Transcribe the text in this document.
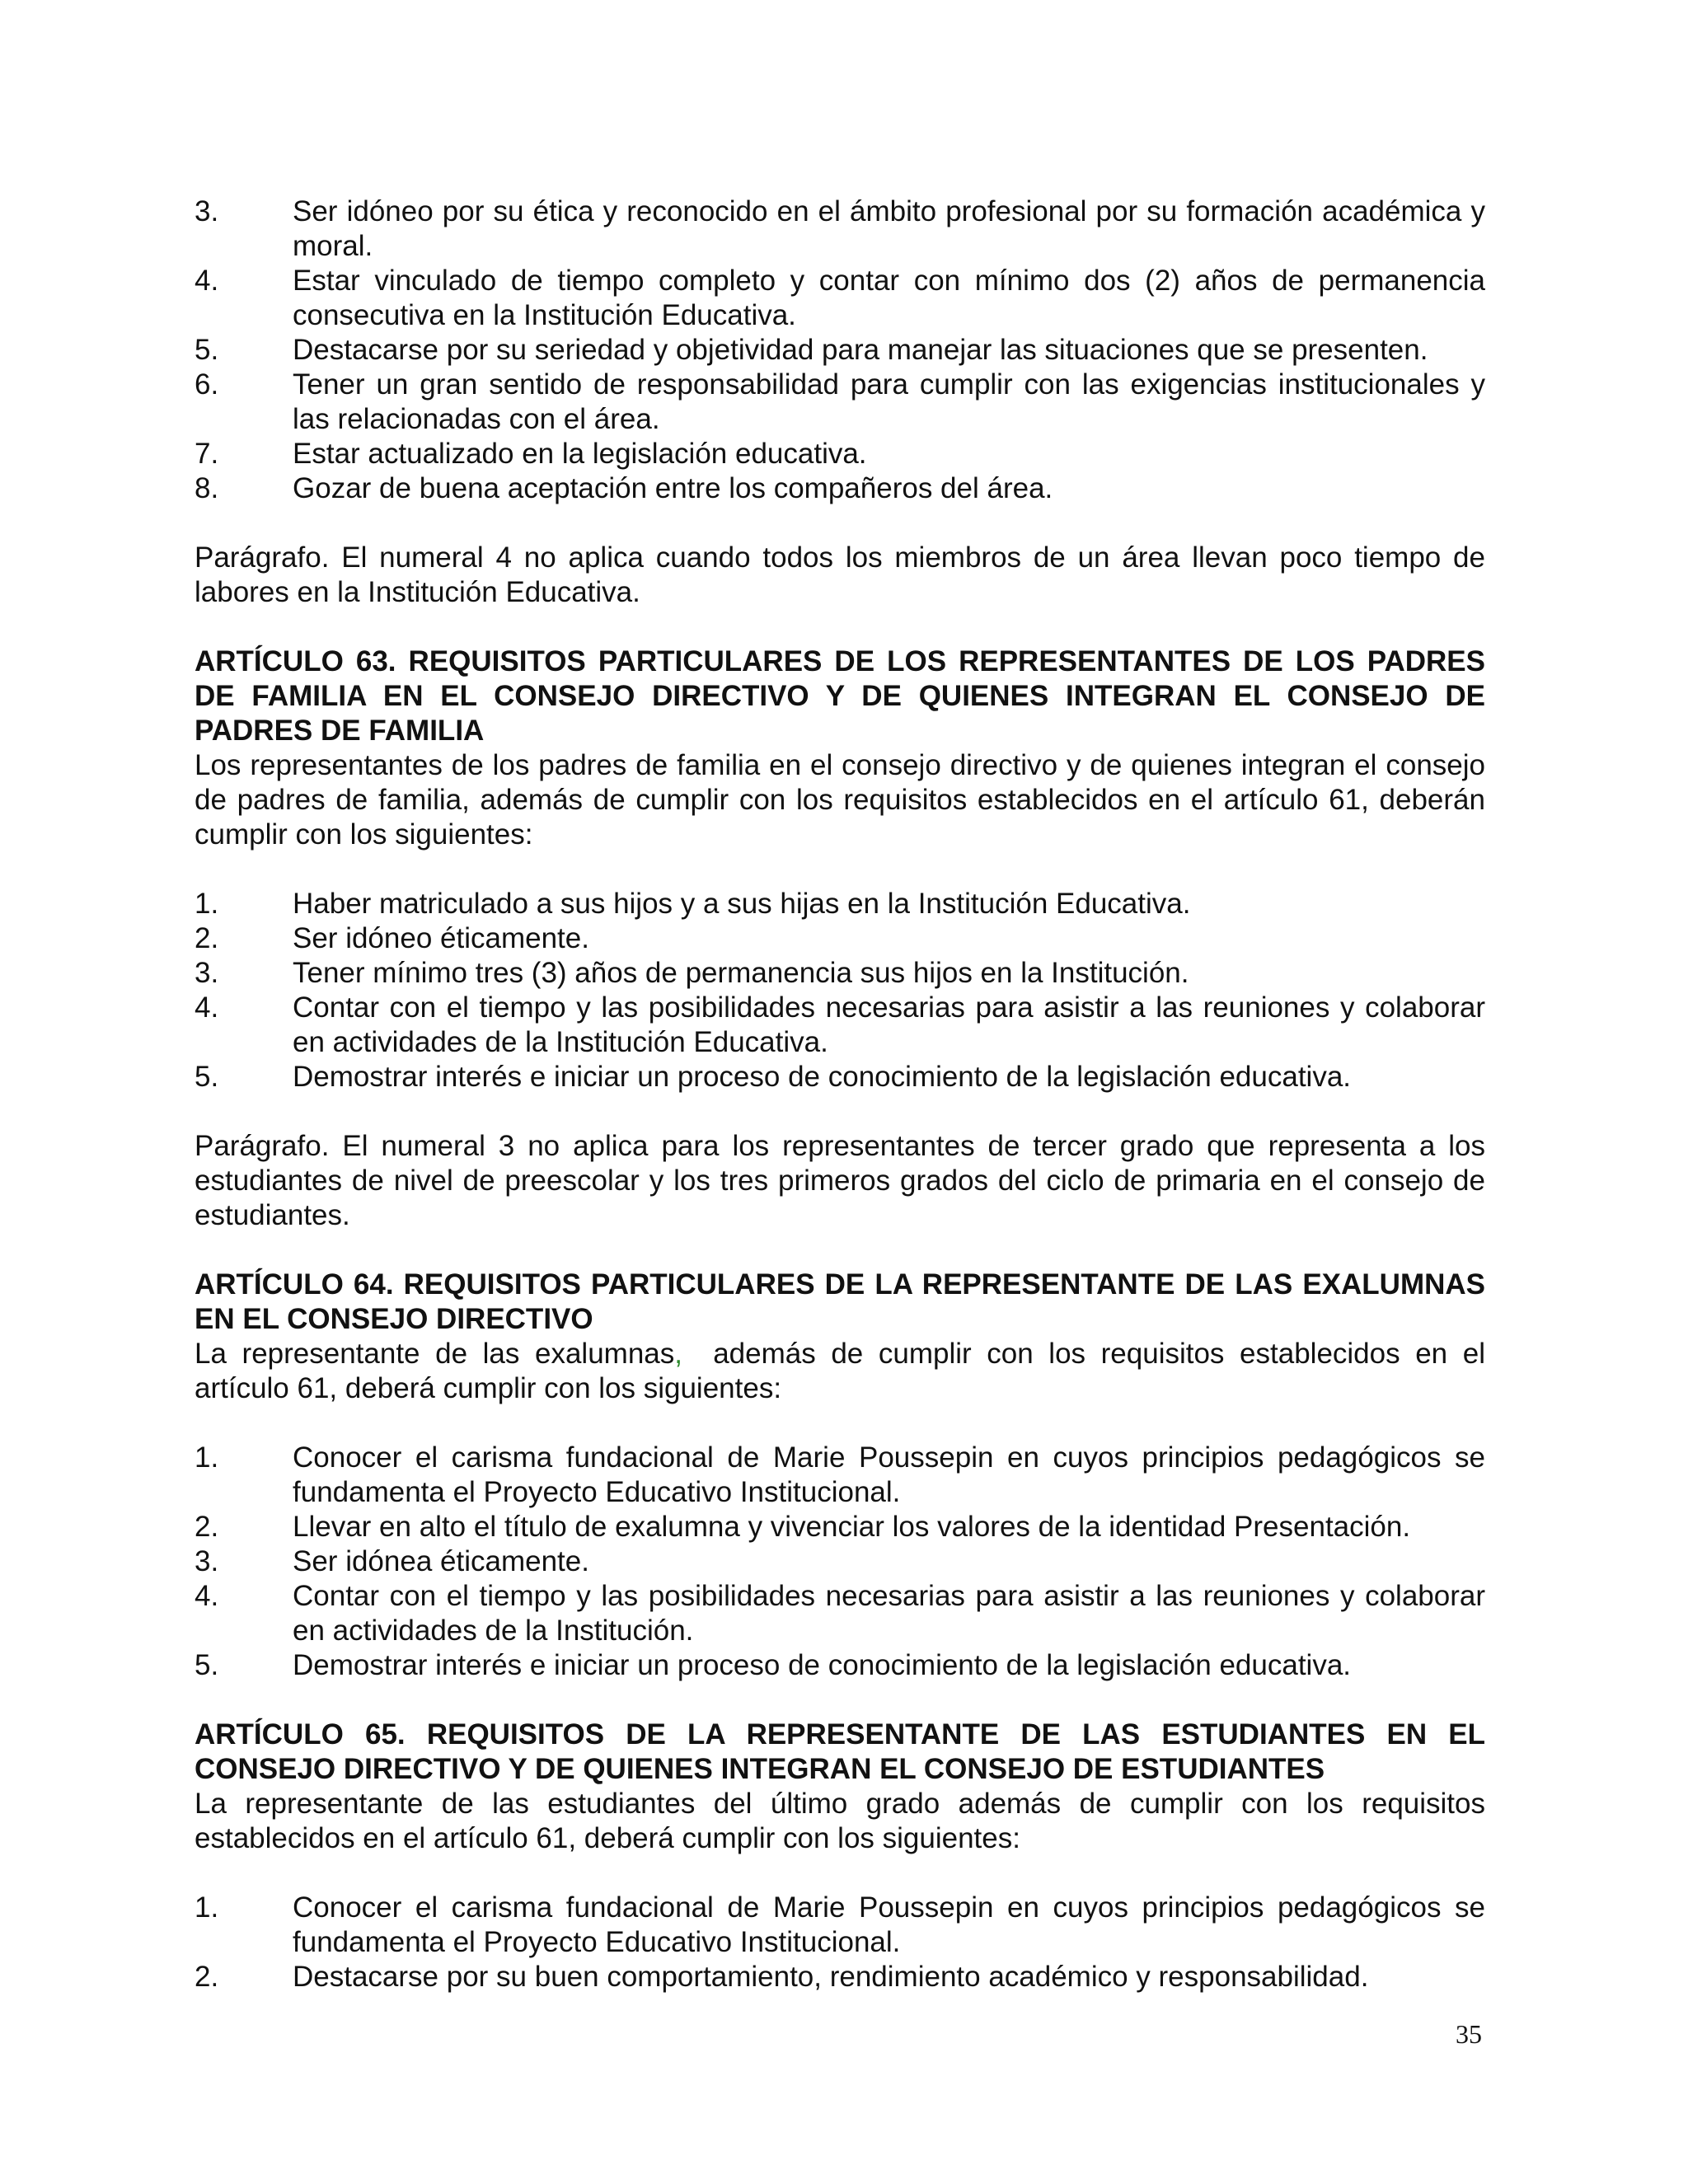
3.	Ser idóneo por su ética y reconocido en el ámbito profesional por su formación académica y moral.
4.	Estar vinculado de tiempo completo y contar con mínimo dos (2) años de permanencia consecutiva en la Institución Educativa.
5.	Destacarse por su seriedad y objetividad para manejar las situaciones que se presenten.
6.	Tener un gran sentido de responsabilidad para cumplir con las exigencias institucionales y las relacionadas con el área.
7.	Estar actualizado en la legislación educativa.
8.	Gozar de buena aceptación entre los compañeros del área.

Parágrafo. El numeral 4 no aplica cuando todos los miembros de un área llevan poco tiempo de labores en la Institución Educativa.

ARTÍCULO 63. REQUISITOS PARTICULARES DE LOS REPRESENTANTES DE LOS PADRES DE FAMILIA EN EL CONSEJO DIRECTIVO Y DE QUIENES INTEGRAN EL CONSEJO DE PADRES DE FAMILIA

Los representantes de los padres de familia en el consejo directivo y de quienes integran el consejo de padres de familia, además de cumplir con los requisitos establecidos en el artículo 61, deberán cumplir con los siguientes:

1.	Haber matriculado a sus hijos y a sus hijas en la Institución Educativa.
2.	Ser idóneo éticamente.
3.	Tener mínimo tres (3) años de permanencia sus hijos en la Institución.
4.	Contar con el tiempo y las posibilidades necesarias para asistir a las reuniones y colaborar en actividades de la Institución Educativa.
5.	Demostrar interés e iniciar un proceso de conocimiento de la legislación educativa.

Parágrafo. El numeral 3 no aplica para los representantes de tercer grado que representa a los estudiantes de nivel de preescolar y los tres primeros grados del ciclo de primaria en el consejo de estudiantes.

ARTÍCULO 64. REQUISITOS PARTICULARES DE LA REPRESENTANTE DE LAS EXALUMNAS EN EL CONSEJO DIRECTIVO

La representante de las exalumnas,  además de cumplir con los requisitos establecidos en el artículo 61, deberá cumplir con los siguientes:

1.	Conocer el carisma fundacional de Marie Poussepin en cuyos principios pedagógicos se fundamenta el Proyecto Educativo Institucional.
2.	Llevar en alto el título de exalumna y vivenciar los valores de la identidad Presentación.
3.	Ser idónea éticamente.
4.	Contar con el tiempo y las posibilidades necesarias para asistir a las reuniones y colaborar en actividades de la Institución.
5.	Demostrar interés e iniciar un proceso de conocimiento de la legislación educativa.

ARTÍCULO 65. REQUISITOS DE LA REPRESENTANTE DE LAS ESTUDIANTES EN EL CONSEJO DIRECTIVO Y DE QUIENES INTEGRAN EL CONSEJO DE ESTUDIANTES

La representante de las estudiantes del último grado además de cumplir con los requisitos establecidos en el artículo 61, deberá cumplir con los siguientes:

1.	Conocer el carisma fundacional de Marie Poussepin en cuyos principios pedagógicos se fundamenta el Proyecto Educativo Institucional.
2.	Destacarse por su buen comportamiento, rendimiento académico y responsabilidad.
35
